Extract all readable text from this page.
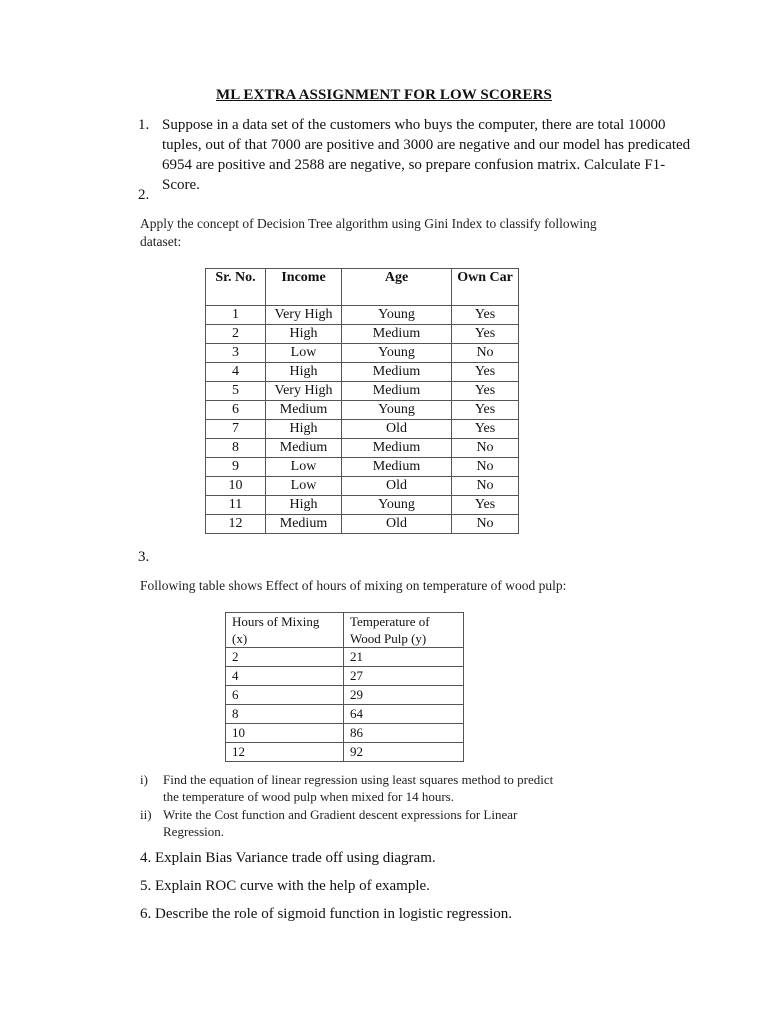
ML EXTRA ASSIGNMENT FOR LOW SCORERS
1. Suppose in a data set of the customers who buys the computer, there are total 10000 tuples, out of that 7000 are positive and 3000 are negative and our model has predicated 6954 are positive and 2588 are negative, so prepare confusion matrix. Calculate F1-Score.
2.
Apply the concept of Decision Tree algorithm using Gini Index to classify following dataset:
Sr. No.	Income	Age	Own Car
1	Very High	Young	Yes
2	High	Medium	Yes
3	Low	Young	No
4	High	Medium	Yes
5	Very High	Medium	Yes
6	Medium	Young	Yes
7	High	Old	Yes
8	Medium	Medium	No
9	Low	Medium	No
10	Low	Old	No
11	High	Young	Yes
12	Medium	Old	No
3.
Following table shows Effect of hours of mixing on temperature of wood pulp:
Hours of Mixing (x)	Temperature of Wood Pulp (y)
2	21
4	27
6	29
8	64
10	86
12	92
i) Find the equation of linear regression using least squares method to predict the temperature of wood pulp when mixed for 14 hours.
ii) Write the Cost function and Gradient descent expressions for Linear Regression.
4. Explain Bias Variance trade off using diagram.
5. Explain ROC curve with the help of example.
6. Describe the role of sigmoid function in logistic regression.
